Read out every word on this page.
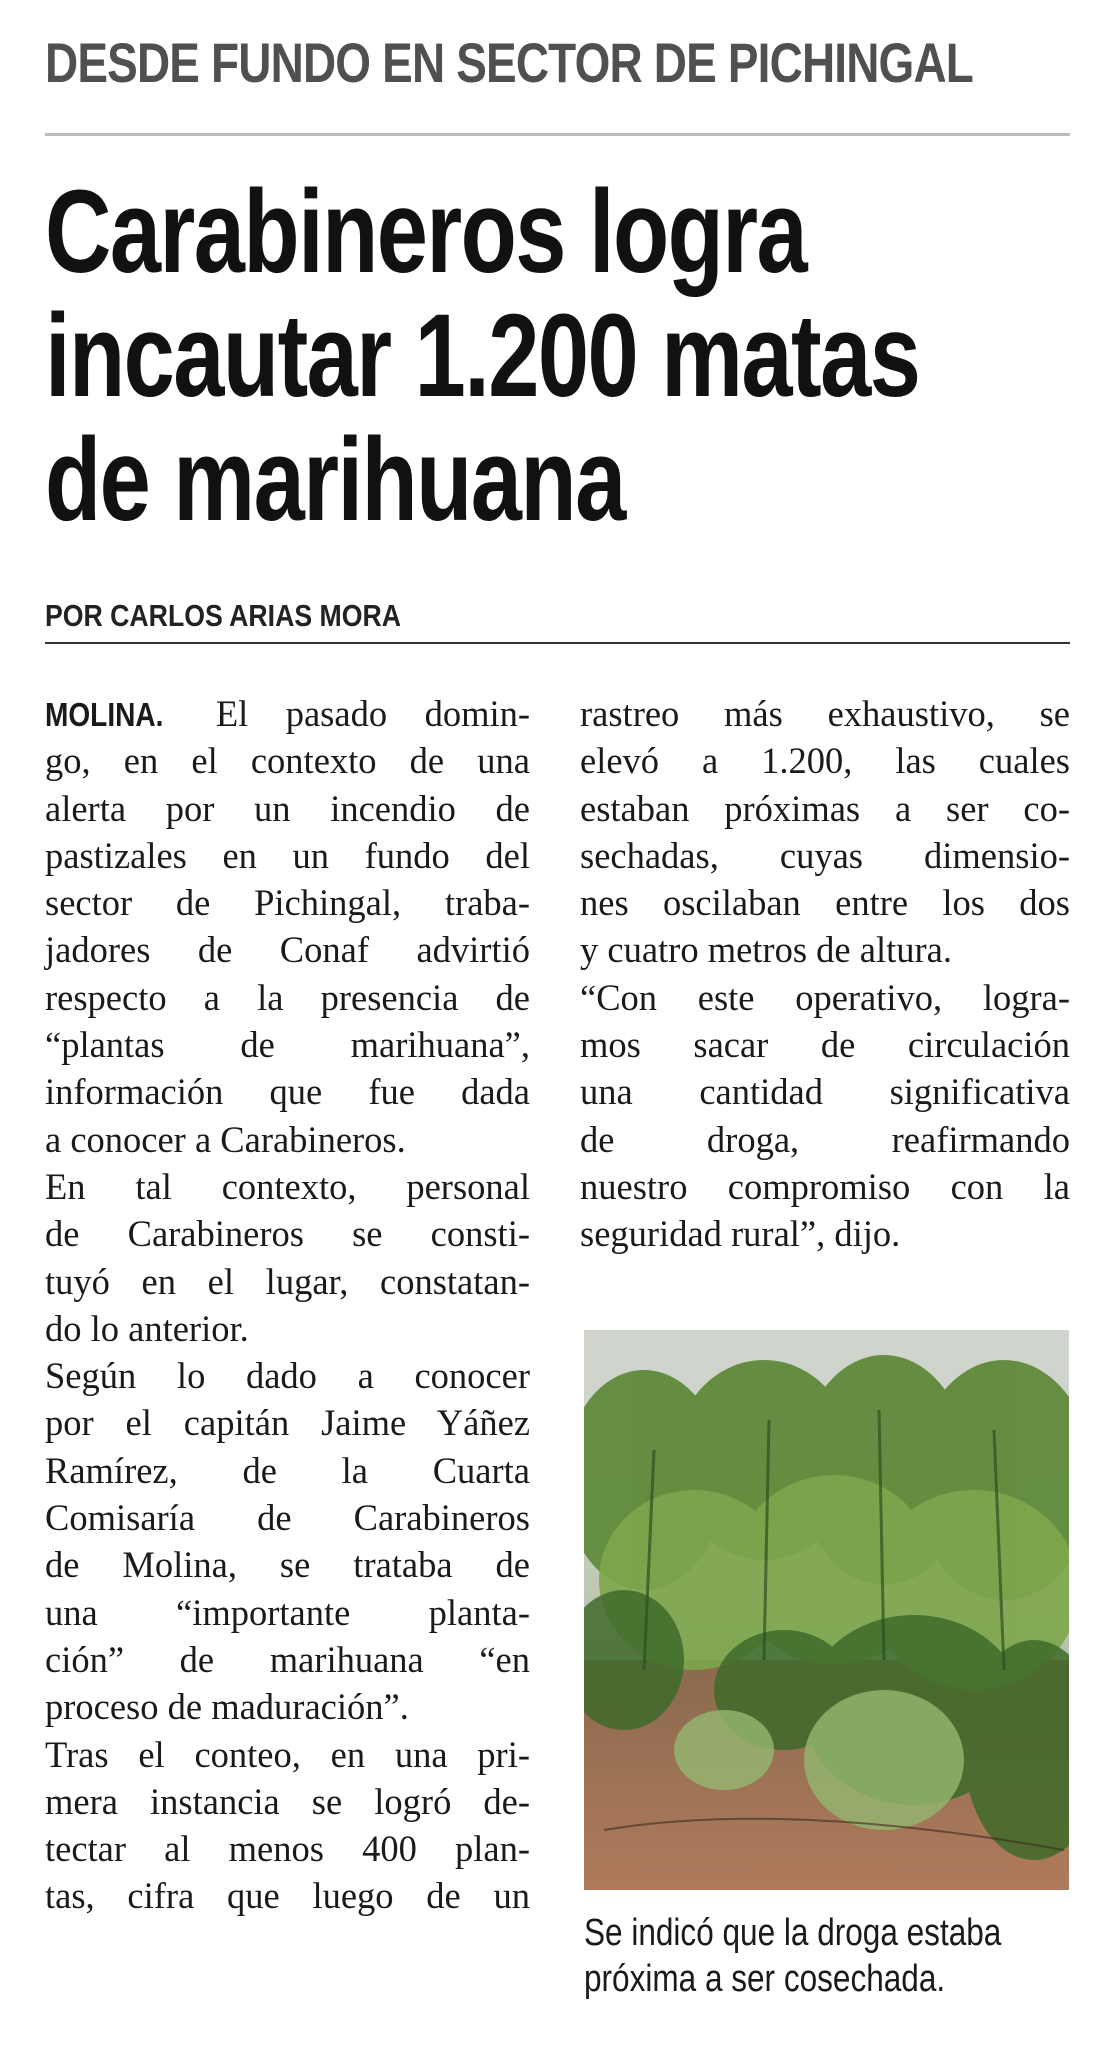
DESDE FUNDO EN SECTOR DE PICHINGAL
Carabineros logra
incautar 1.200 matas
de marihuana
POR CARLOS ARIAS MORA
MOLINA. El pasado domin-
go, en el contexto de una
alerta por un incendio de
pastizales en un fundo del
sector de Pichingal, traba-
jadores de Conaf advirtió
respecto a la presencia de
“plantas de marihuana”,
información que fue dada
a conocer a Carabineros.
En tal contexto, personal
de Carabineros se consti-
tuyó en el lugar, constatan-
do lo anterior.
Según lo dado a conocer
por el capitán Jaime Yáñez
Ramírez, de la Cuarta
Comisaría de Carabineros
de Molina, se trataba de
una “importante planta-
ción” de marihuana “en
proceso de maduración”.
Tras el conteo, en una pri-
mera instancia se logró de-
tectar al menos 400 plan-
tas, cifra que luego de un
rastreo más exhaustivo, se
elevó a 1.200, las cuales
estaban próximas a ser co-
sechadas, cuyas dimensio-
nes oscilaban entre los dos
y cuatro metros de altura.
“Con este operativo, logra-
mos sacar de circulación
una cantidad significativa
de droga, reafirmando
nuestro compromiso con la
seguridad rural”, dijo.
Se indicó que la droga estaba
próxima a ser cosechada.
